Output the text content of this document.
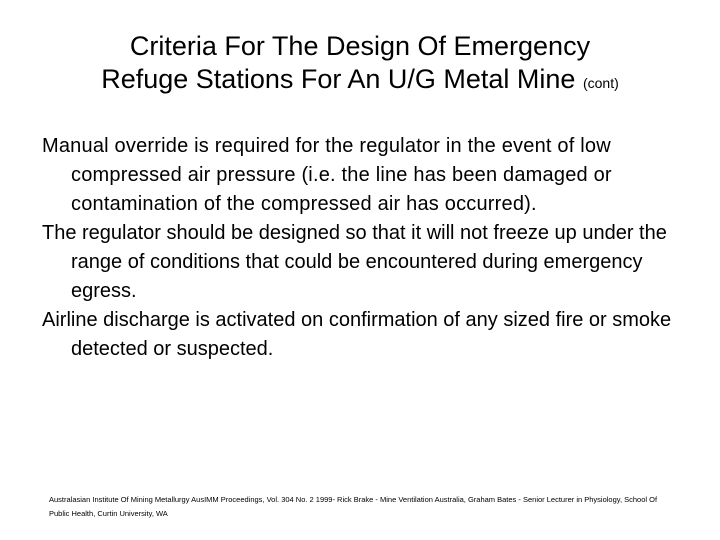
Criteria For The Design Of Emergency
Refuge Stations For An U/G Metal Mine (cont)

Manual override is required for the regulator in the event of low compressed air pressure (i.e. the line has been damaged or contamination of the compressed air has occurred).

The regulator should be designed so that it will not freeze up under the range of conditions that could be encountered during emergency egress.

Airline discharge is activated on confirmation of any sized fire or smoke detected or suspected.

Australasian Institute Of Mining Metallurgy AusIMM Proceedings, Vol. 304 No. 2 1999- Rick Brake - Mine Ventilation Australia, Graham Bates - Senior Lecturer in Physiology, School Of Public Health, Curtin University, WA
